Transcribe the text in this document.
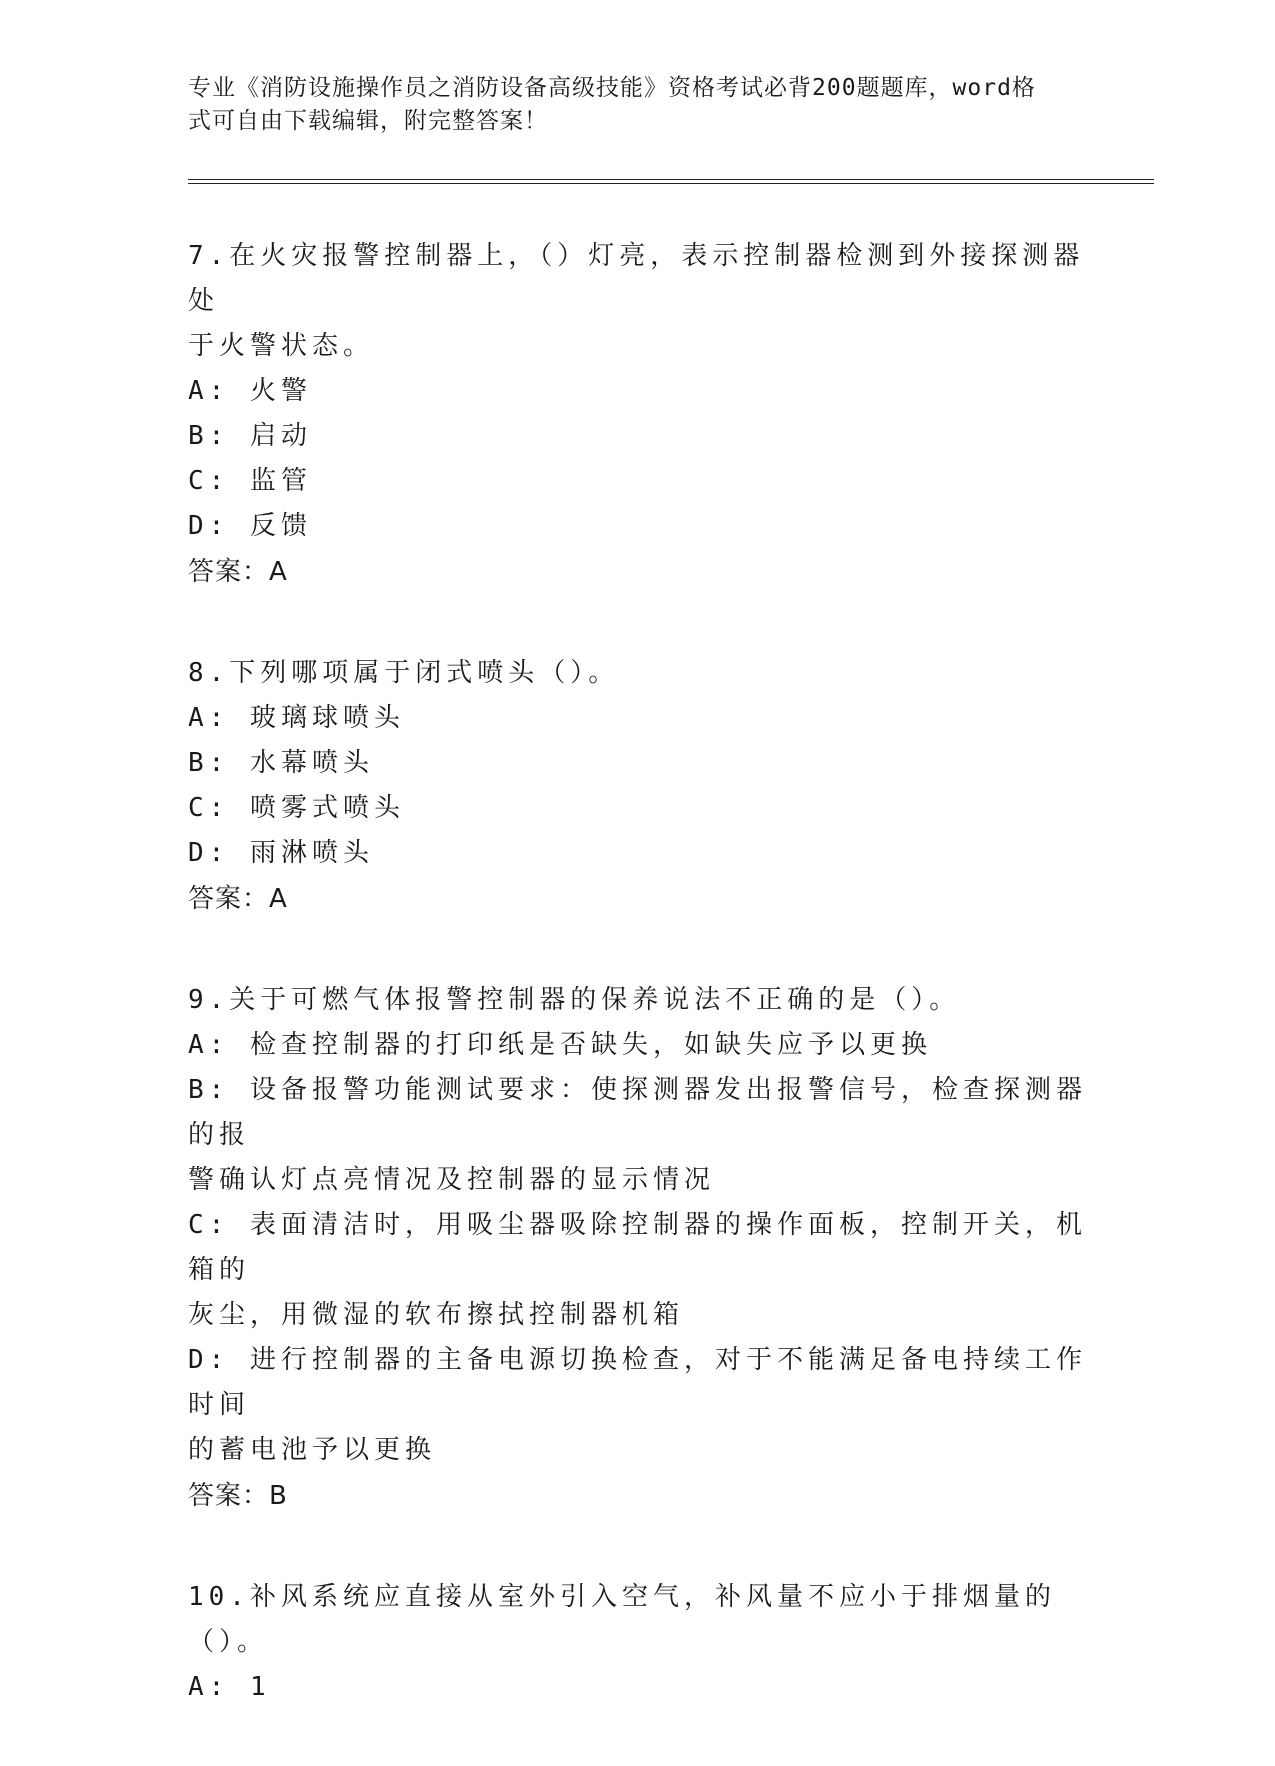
专业《消防设施操作员之消防设备高级技能》资格考试必背200题题库，word格
式可自由下载编辑，附完整答案！
7.在火灾报警控制器上，（）灯亮，表示控制器检测到外接探测器处
于火警状态。
A: 火警
B: 启动
C: 监管
D: 反馈
答案：A
8.下列哪项属于闭式喷头（）。
A: 玻璃球喷头
B: 水幕喷头
C: 喷雾式喷头
D: 雨淋喷头
答案：A
9.关于可燃气体报警控制器的保养说法不正确的是（）。
A: 检查控制器的打印纸是否缺失，如缺失应予以更换
B: 设备报警功能测试要求：使探测器发出报警信号，检查探测器的报
警确认灯点亮情况及控制器的显示情况
C: 表面清洁时，用吸尘器吸除控制器的操作面板，控制开关，机箱的
灰尘，用微湿的软布擦拭控制器机箱
D: 进行控制器的主备电源切换检查，对于不能满足备电持续工作时间
的蓄电池予以更换
答案：B
10.补风系统应直接从室外引入空气，补风量不应小于排烟量的（）。
A: 1
